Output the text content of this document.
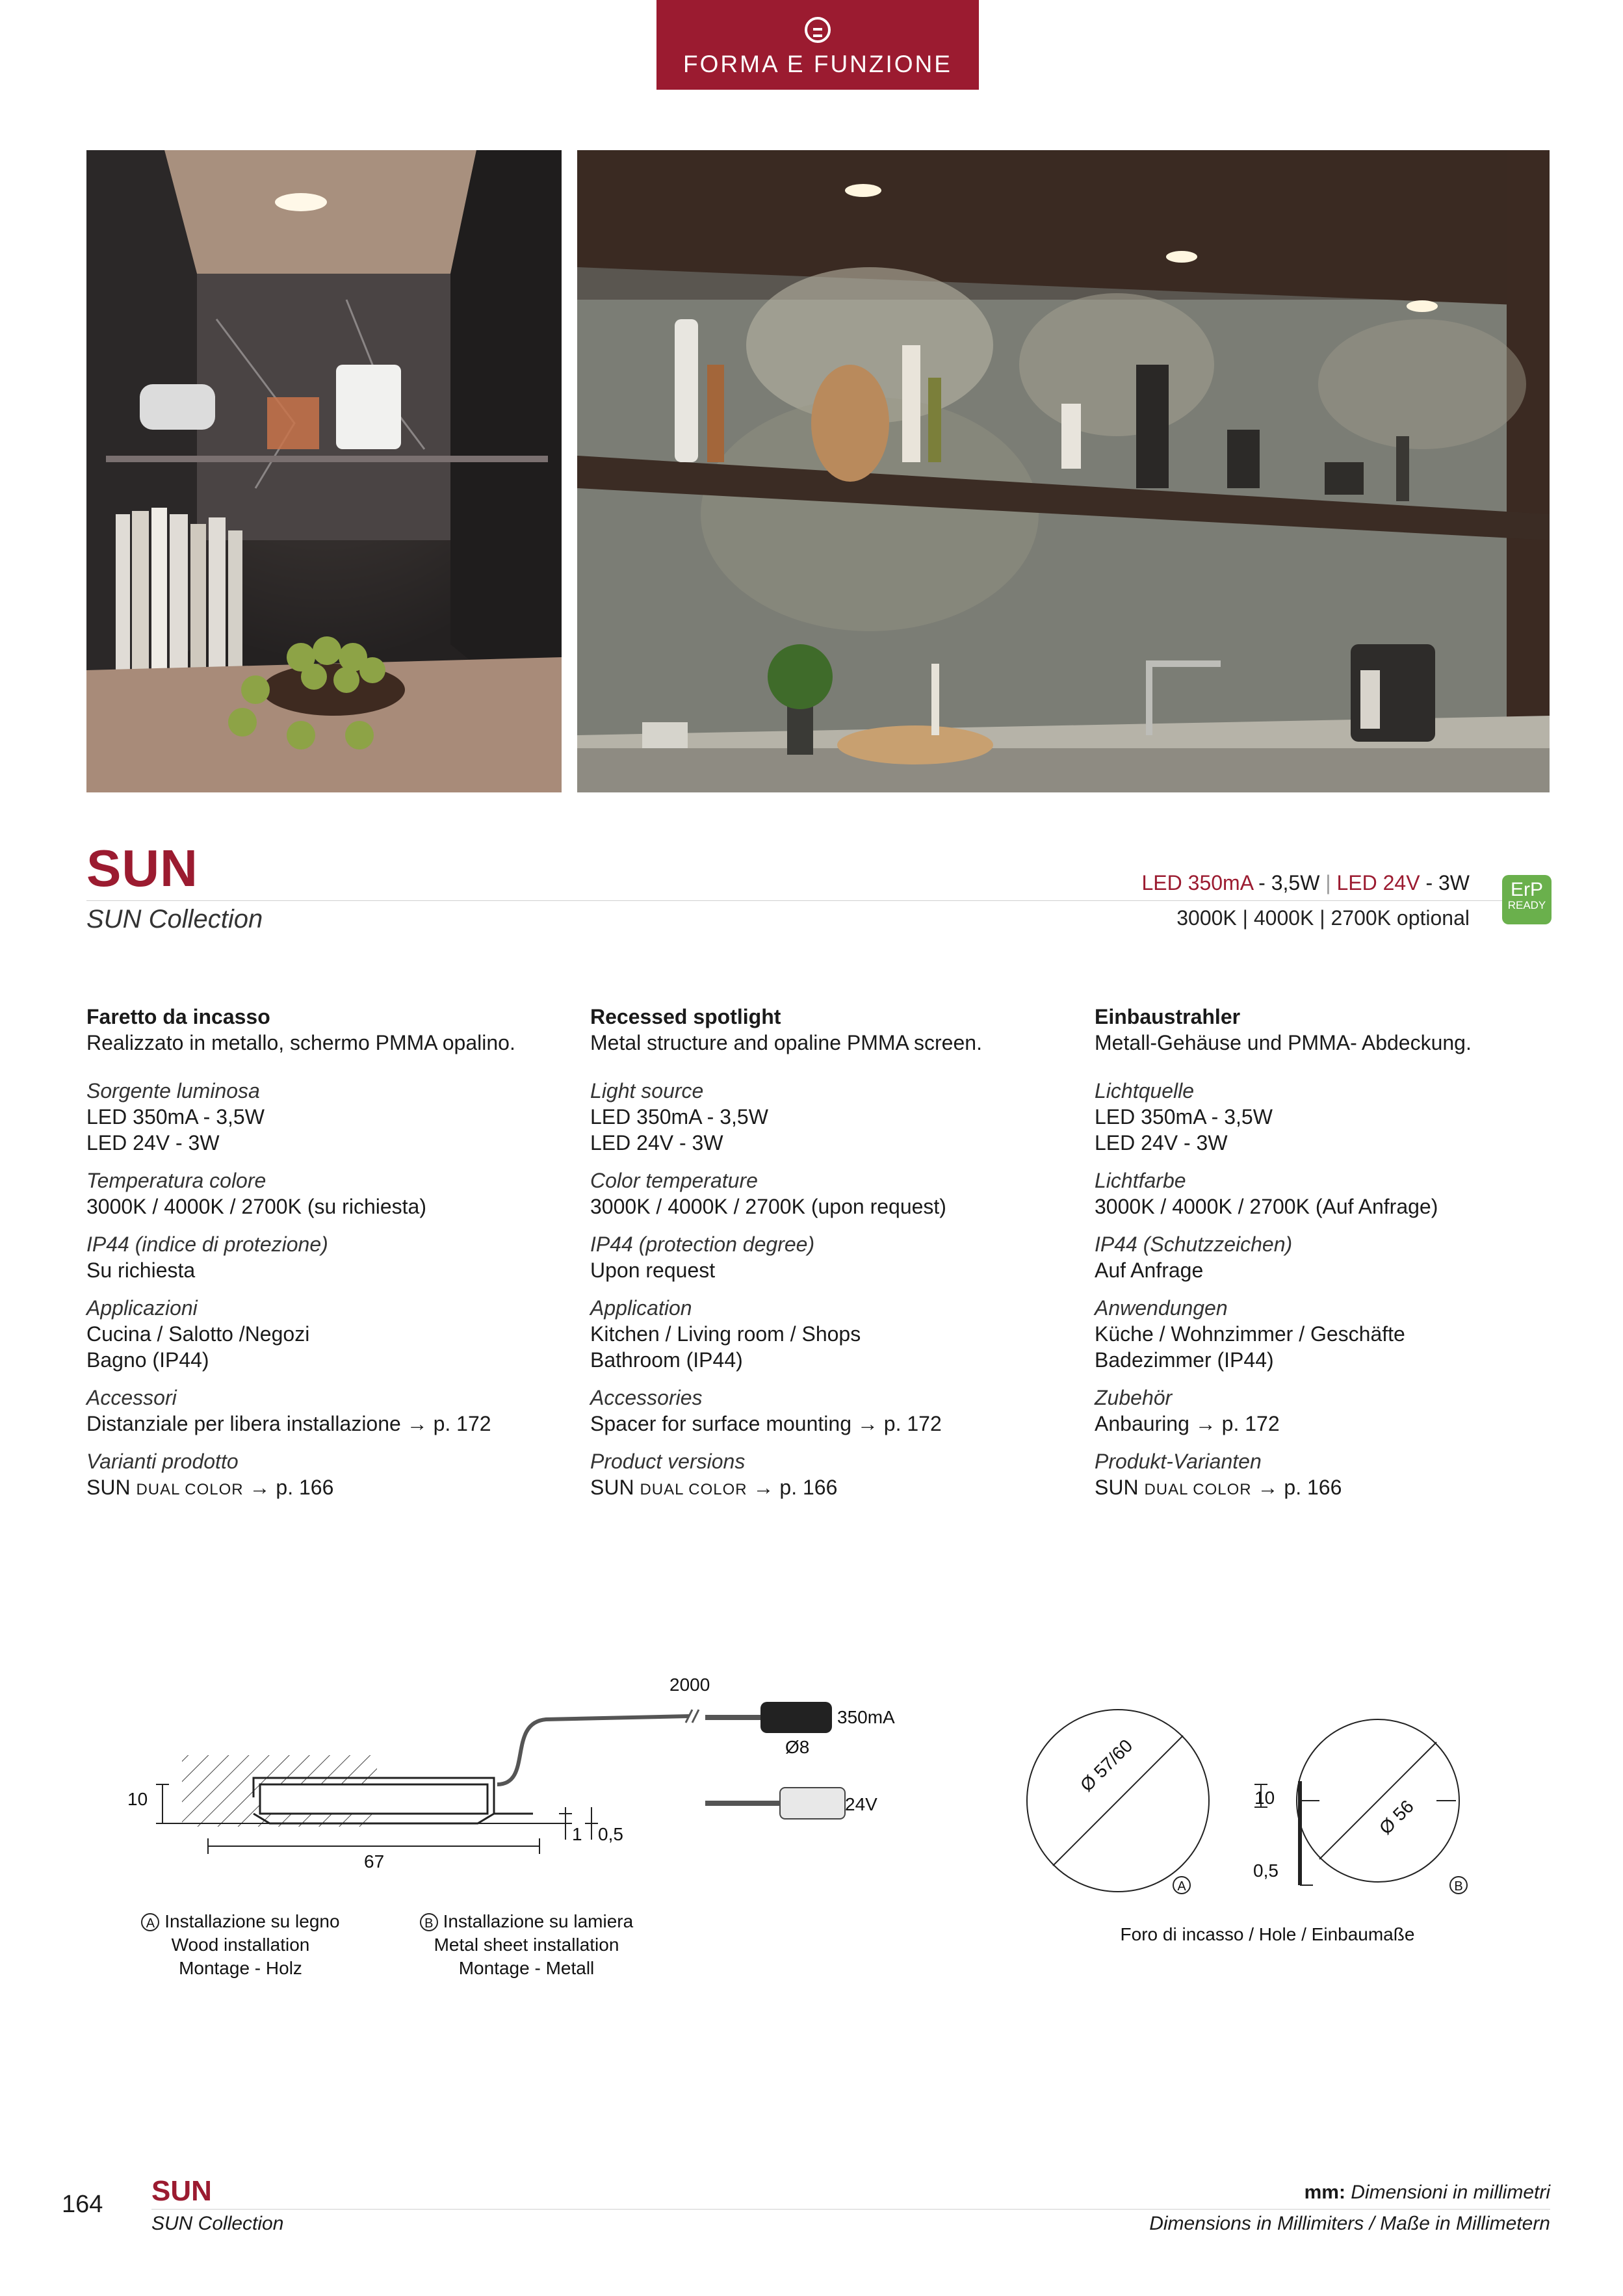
FORMA E FUNZIONE
SUN
SUN Collection
LED 350mA - 3,5W | LED 24V - 3W
3000K | 4000K | 2700K optional
ErP
READY
Faretto da incasso
Realizzato in metallo, schermo PMMA opalino.
Sorgente luminosa
LED 350mA - 3,5W
LED 24V - 3W
Temperatura colore
3000K / 4000K / 2700K (su richiesta)
IP44 (indice di protezione)
Su richiesta
Applicazioni
Cucina / Salotto /Negozi
Bagno (IP44)
Accessori
Distanziale per libera installazione → p. 172
Varianti prodotto
SUN DUAL COLOR → p. 166
Recessed spotlight
Metal structure and opaline PMMA screen.
Light source
LED 350mA - 3,5W
LED 24V - 3W
Color temperature
3000K / 4000K / 2700K (upon request)
IP44 (protection degree)
Upon request
Application
Kitchen / Living room / Shops
Bathroom (IP44)
Accessories
Spacer for surface mounting → p. 172
Product versions
SUN DUAL COLOR → p. 166
Einbaustrahler
Metall-Gehäuse und PMMA- Abdeckung.
Lichtquelle
LED 350mA - 3,5W
LED 24V - 3W
Lichtfarbe
3000K / 4000K / 2700K (Auf Anfrage)
IP44 (Schutzzeichen)
Auf Anfrage
Anwendungen
Küche / Wohnzimmer / Geschäfte
Badezimmer (IP44)
Zubehör
Anbauring → p. 172
Produkt-Varianten
SUN DUAL COLOR → p. 166
2000
10
67
1 0,5
350mA
Ø8
24V
A Installazione su legno
Wood installation
Montage - Holz
B Installazione su lamiera
Metal sheet installation
Montage - Metall
Ø 57/60
Ø 56
10
0,5
A	B
Foro di incasso / Hole / Einbaumaße
164 SUN
SUN Collection
mm: Dimensioni in millimetri
Dimensions in Millimiters / Maße in Millimetern
